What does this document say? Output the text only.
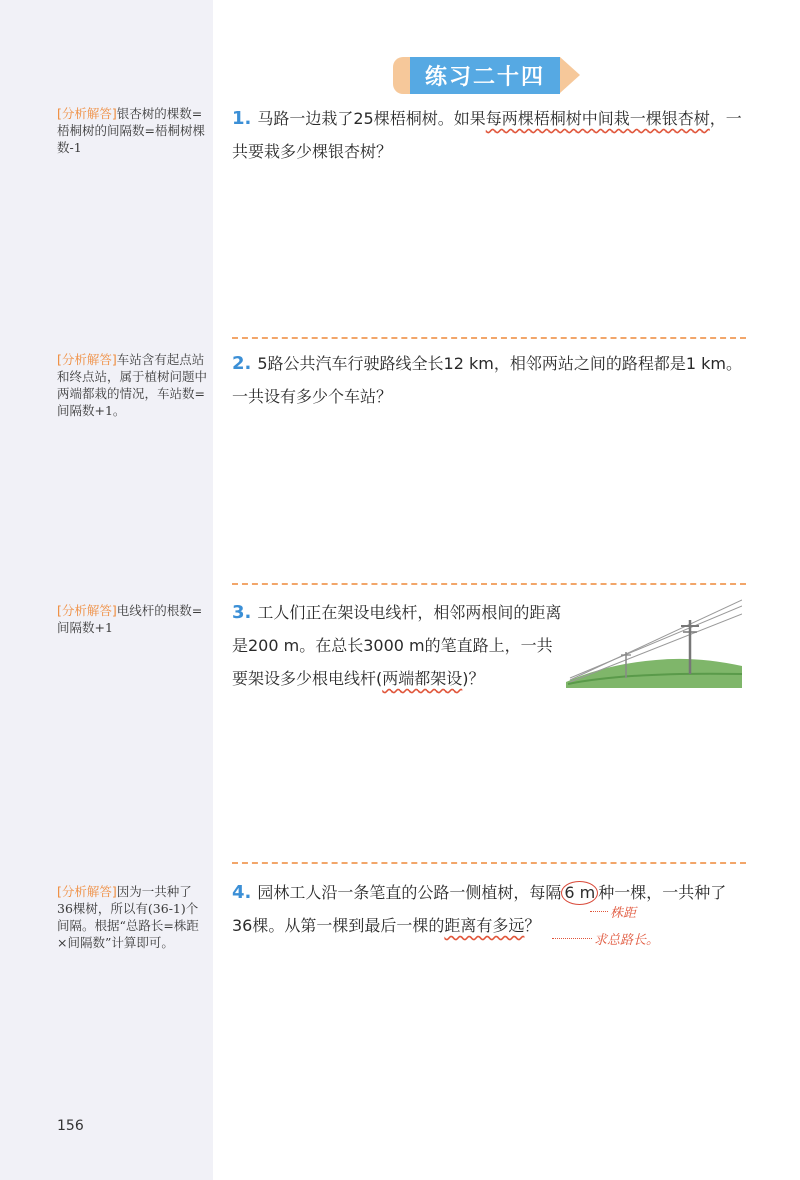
练习二十四
[分析解答]银杏树的棵数=梧桐树的间隔数=梧桐树棵数-1
[分析解答]车站含有起点站和终点站，属于植树问题中两端都栽的情况，车站数=间隔数+1。
[分析解答]电线杆的根数=间隔数+1
[分析解答]因为一共种了36棵树，所以有(36-1)个间隔。根据“总路长=株距×间隔数”计算即可。
1. 马路一边栽了25棵梧桐树。如果每两棵梧桐树中间栽一棵银杏树，一共要栽多少棵银杏树？
2. 5路公共汽车行驶路线全长12 km，相邻两站之间的路程都是1 km。一共设有多少个车站？
3. 工人们正在架设电线杆，相邻两根间的距离是200 m。在总长3000 m的笔直路上，一共要架设多少根电线杆(两端都架设)？
4. 园林工人沿一条笔直的公路一侧植树，每隔 6 m 种一棵，一共种了36棵。从第一棵到最后一棵的距离有多远？
株距
求总路长。
156
